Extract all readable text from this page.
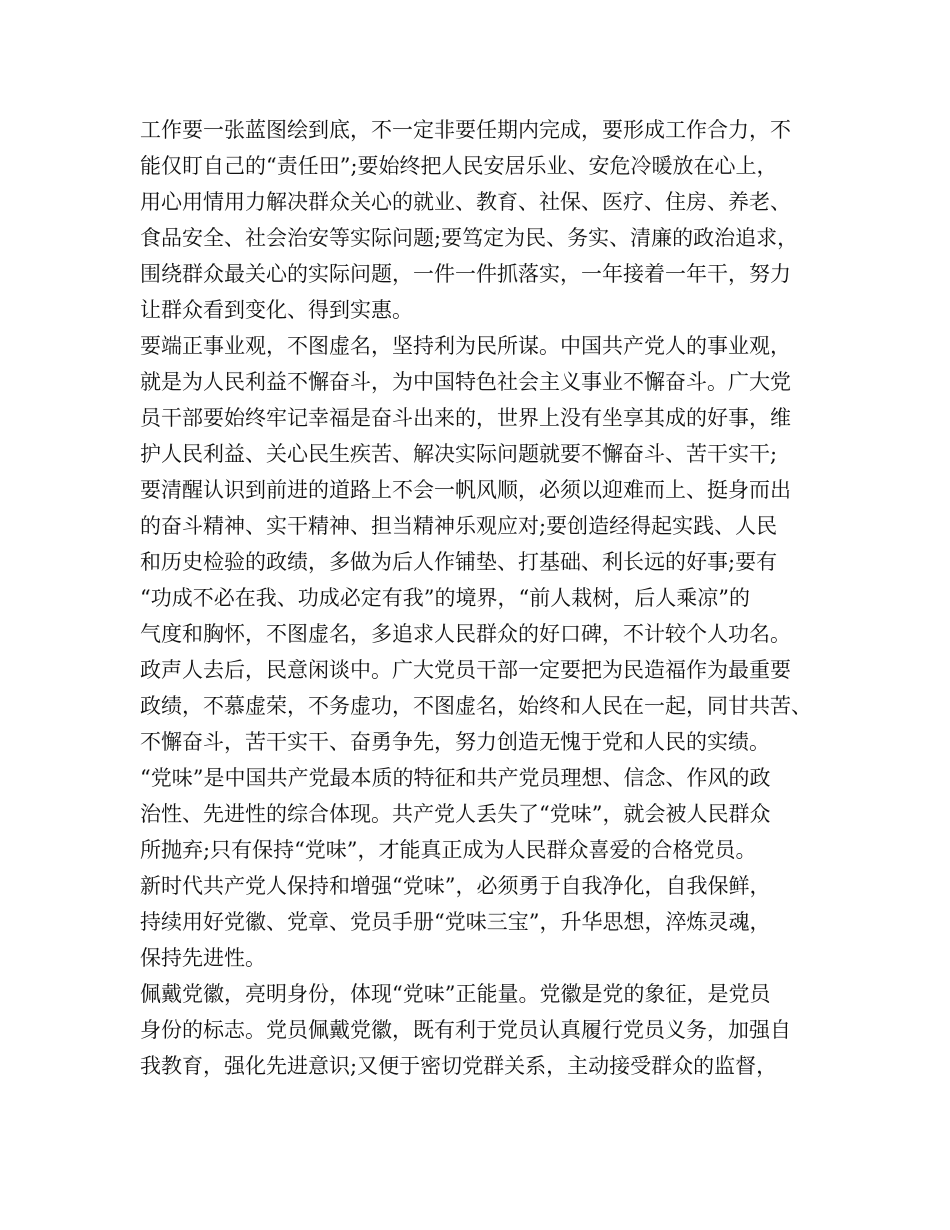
工作要一张蓝图绘到底，不一定非要任期内完成，要形成工作合力，不
能仅盯自己的“责任田”;要始终把人民安居乐业、安危冷暖放在心上，
用心用情用力解决群众关心的就业、教育、社保、医疗、住房、养老、
食品安全、社会治安等实际问题;要笃定为民、务实、清廉的政治追求，
围绕群众最关心的实际问题，一件一件抓落实，一年接着一年干，努力
让群众看到变化、得到实惠。
要端正事业观，不图虚名，坚持利为民所谋。中国共产党人的事业观，
就是为人民利益不懈奋斗，为中国特色社会主义事业不懈奋斗。广大党
员干部要始终牢记幸福是奋斗出来的，世界上没有坐享其成的好事，维
护人民利益、关心民生疾苦、解决实际问题就要不懈奋斗、苦干实干;
要清醒认识到前进的道路上不会一帆风顺，必须以迎难而上、挺身而出
的奋斗精神、实干精神、担当精神乐观应对;要创造经得起实践、人民
和历史检验的政绩，多做为后人作铺垫、打基础、利长远的好事;要有
“功成不必在我、功成必定有我”的境界，“前人栽树，后人乘凉”的
气度和胸怀，不图虚名，多追求人民群众的好口碑，不计较个人功名。
政声人去后，民意闲谈中。广大党员干部一定要把为民造福作为最重要
政绩，不慕虚荣，不务虚功，不图虚名，始终和人民在一起，同甘共苦、
不懈奋斗，苦干实干、奋勇争先，努力创造无愧于党和人民的实绩。
“党味”是中国共产党最本质的特征和共产党员理想、信念、作风的政
治性、先进性的综合体现。共产党人丢失了“党味”，就会被人民群众
所抛弃;只有保持“党味”，才能真正成为人民群众喜爱的合格党员。
新时代共产党人保持和增强“党味”，必须勇于自我净化，自我保鲜，
持续用好党徽、党章、党员手册“党味三宝”，升华思想，淬炼灵魂，
保持先进性。
佩戴党徽，亮明身份，体现“党味”正能量。党徽是党的象征，是党员
身份的标志。党员佩戴党徽，既有利于党员认真履行党员义务，加强自
我教育，强化先进意识;又便于密切党群关系，主动接受群众的监督，
